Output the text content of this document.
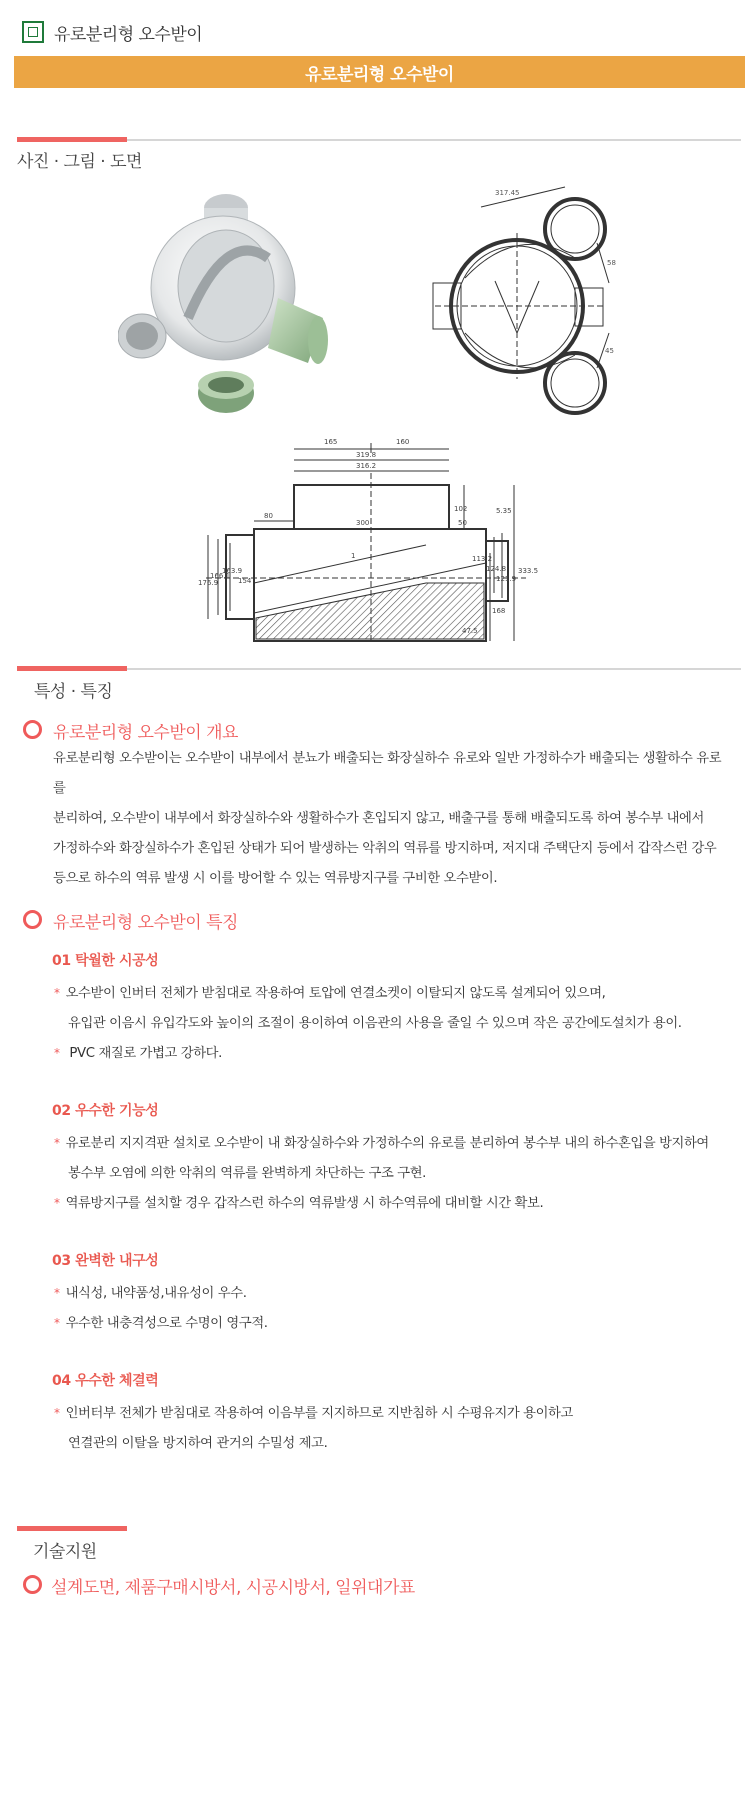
유로분리형 오수받이
유로분리형 오수받이
사진 · 그림 · 도면
317.45
58
45
165	160
319.8
316.2
80
300
1
176.9
166.1
163.9
154
102
50
5.35
113.2
124.8
121.9
333.5
168
47.5
특성 · 특징
유로분리형 오수받이 개요
유로분리형 오수받이는 오수받이 내부에서 분뇨가 배출되는 화장실하수 유로와 일반 가정하수가 배출되는 생활하수 유로를
분리하여, 오수받이 내부에서 화장실하수와 생활하수가 혼입되지 않고, 배출구를 통해 배출되도록 하여 봉수부 내에서
가정하수와 화장실하수가 혼입된 상태가 되어 발생하는 악취의 역류를 방지하며, 저지대 주택단지 등에서 갑작스런 강우
등으로 하수의 역류 발생 시 이를 방어할 수 있는 역류방지구를 구비한 오수받이.
유로분리형 오수받이 특징
01 탁월한 시공성
* 오수받이 인버터 전체가 받침대로 작용하여 토압에 연결소켓이 이탈되지 않도록 설계되어 있으며,
유입관 이음시 유입각도와 높이의 조절이 용이하여 이음관의 사용을 줄일 수 있으며 작은 공간에도설치가 용이.
* PVC 재질로 가볍고 강하다.
02 우수한 기능성
* 유로분리 지지격판 설치로 오수받이 내 화장실하수와 가정하수의 유로를 분리하여 봉수부 내의 하수혼입을 방지하여
봉수부 오염에 의한 악취의 역류를 완벽하게 차단하는 구조 구현.
* 역류방지구를 설치할 경우 갑작스런 하수의 역류발생 시 하수역류에 대비할 시간 확보.
03 완벽한 내구성
* 내식성, 내약품성,내유성이 우수.
* 우수한 내충격성으로 수명이 영구적.
04 우수한 체결력
* 인버터부 전체가 받침대로 작용하여 이음부를 지지하므로 지반침하 시 수평유지가 용이하고
연결관의 이탈을 방지하여 관거의 수밀성 제고.
기술지원
설계도면, 제품구매시방서, 시공시방서, 일위대가표
